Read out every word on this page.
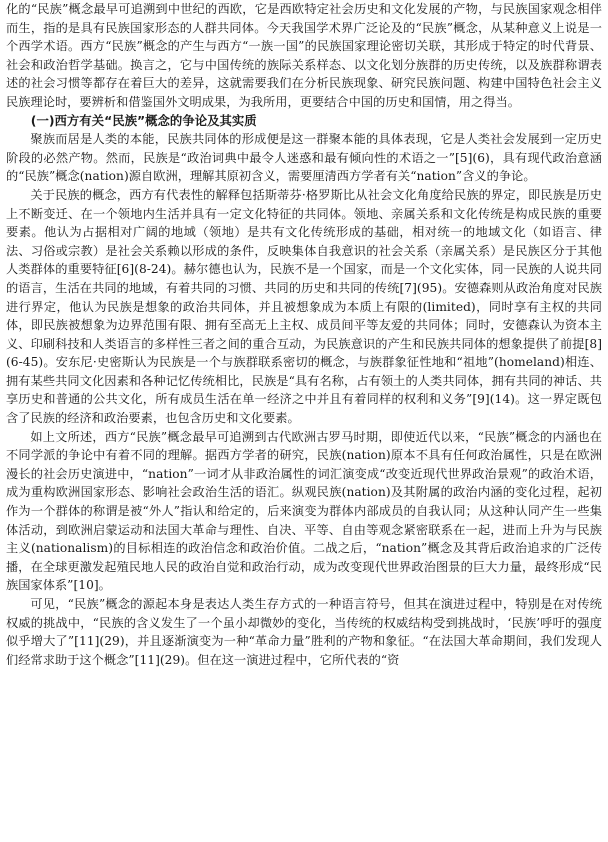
化的“民族”概念最早可追溯到中世纪的西欧，它是西欧特定社会历史和文化发展的产物，与民族国家观念相伴而生，指的是具有民族国家形态的人群共同体。今天我国学术界广泛论及的“民族”概念，从某种意义上说是一个西学术语。西方“民族”概念的产生与西方“一族一国”的民族国家理论密切关联，其形成于特定的时代背景、社会和政治哲学基础。换言之，它与中国传统的族际关系样态、以文化划分族群的历史传统，以及族群称谓表述的社会习惯等都存在着巨大的差异，这就需要我们在分析民族现象、研究民族问题、构建中国特色社会主义民族理论时，要辨析和借鉴国外文明成果，为我所用，更要结合中国的历史和国情，用之得当。

(一)西方有关“民族”概念的争论及其实质

聚族而居是人类的本能，民族共同体的形成便是这一群聚本能的具体表现，它是人类社会发展到一定历史阶段的必然产物。然而，民族是“政治词典中最令人迷惑和最有倾向性的术语之一”[5](6)，具有现代政治意涵的“民族”概念(nation)源自欧洲，理解其原初含义，需要厘清西方学者有关“nation”含义的争论。

关于民族的概念，西方有代表性的解释包括斯蒂芬·格罗斯比从社会文化角度给民族的界定，即民族是历史上不断变迁、在一个领地内生活并具有一定文化特征的共同体。领地、亲属关系和文化传统是构成民族的重要要素。他认为占据相对广阔的地域（领地）是共有文化传统形成的基础，相对统一的地域文化（如语言、律法、习俗或宗教）是社会关系赖以形成的条件，反映集体自我意识的社会关系（亲属关系）是民族区分于其他人类群体的重要特征[6](8-24)。赫尔德也认为，民族不是一个国家，而是一个文化实体，同一民族的人说共同的语言，生活在共同的地域，有着共同的习惯、共同的历史和共同的传统[7](95)。安德森则从政治角度对民族进行界定，他认为民族是想象的政治共同体，并且被想象成为本质上有限的(limited)，同时享有主权的共同体，即民族被想象为边界范围有限、拥有至高无上主权、成员间平等友爱的共同体；同时，安德森认为资本主义、印刷科技和人类语言的多样性三者之间的重合互动，为民族意识的产生和民族共同体的想象提供了前提[8](6-45)。安东尼·史密斯认为民族是一个与族群联系密切的概念，与族群象征性地和“祖地”(homeland)相连、拥有某些共同文化因素和各种记忆传统相比，民族是“具有名称，占有领土的人类共同体，拥有共同的神话、共享历史和普通的公共文化，所有成员生活在单一经济之中并且有着同样的权利和义务”[9](14)。这一界定既包含了民族的经济和政治要素，也包含历史和文化要素。

如上文所述，西方“民族”概念最早可追溯到古代欧洲古罗马时期，即使近代以来，“民族”概念的内涵也在不同学派的争论中有着不同的理解。据西方学者的研究，民族(nation)原本不具有任何政治属性，只是在欧洲漫长的社会历史演进中，“nation”一词才从非政治属性的词汇演变成“改变近现代世界政治景观”的政治术语，成为重构欧洲国家形态、影响社会政治生活的语汇。纵观民族(nation)及其附属的政治内涵的变化过程，起初作为一个群体的称谓是被“外人”指认和给定的，后来演变为群体内部成员的自我认同；从这种认同产生一些集体活动，到欧洲启蒙运动和法国大革命与理性、自决、平等、自由等观念紧密联系在一起，进而上升为与民族主义(nationalism)的目标相连的政治信念和政治价值。二战之后，“nation”概念及其背后政治追求的广泛传播，在全球更激发起殖民地人民的政治自觉和政治行动，成为改变现代世界政治图景的巨大力量，最终形成“民族国家体系”[10]。

可见，“民族”概念的源起本身是表达人类生存方式的一种语言符号，但其在演进过程中，特别是在对传统权威的挑战中，“民族的含义发生了一个虽小却微妙的变化，当传统的权威结构受到挑战时，‘民族’呼吁的强度似乎增大了”[11](29)，并且逐渐演变为一种“革命力量”胜利的产物和象征。“在法国大革命期间，我们发现人们经常求助于这个概念”[11](29)。但在这一演进过程中，它所代表的“资
